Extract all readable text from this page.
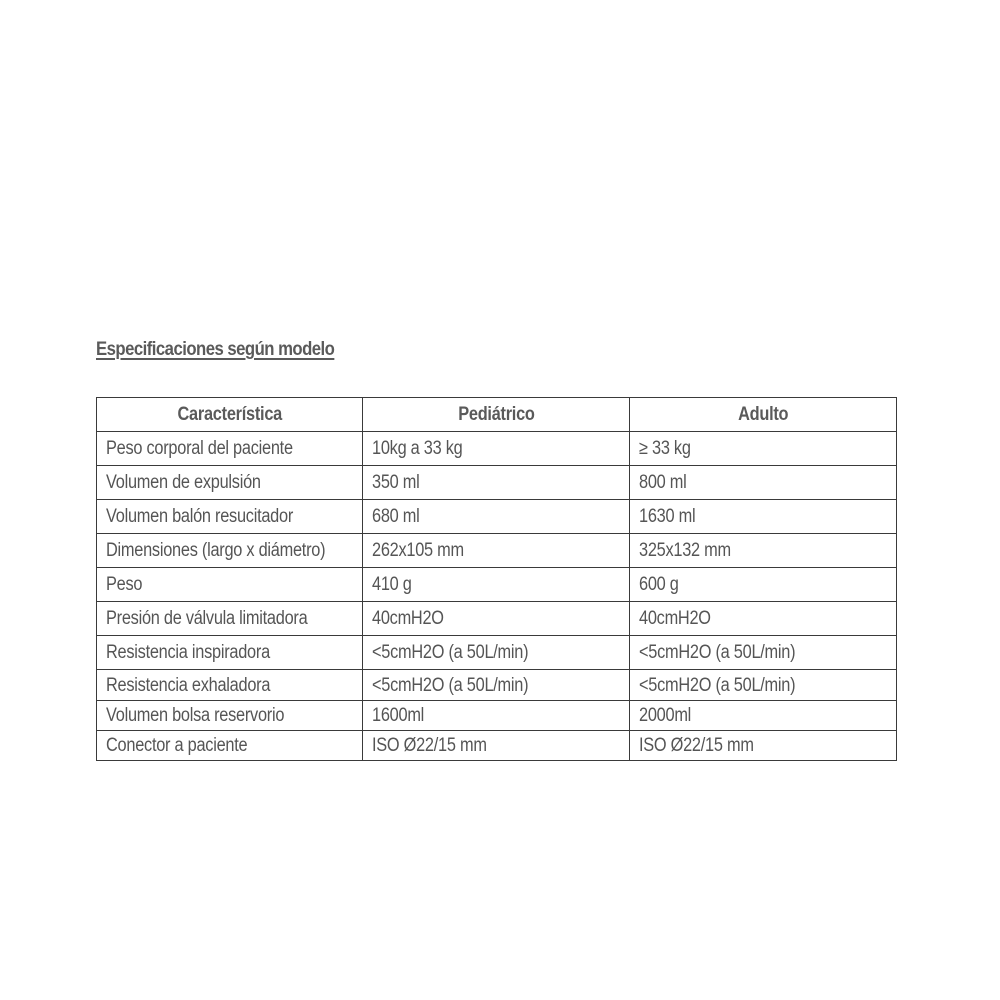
Especificaciones según modelo
Característica	Pediátrico	Adulto
Peso corporal del paciente	10kg a 33 kg	≥ 33 kg
Volumen de expulsión	350 ml	800 ml
Volumen balón resucitador	680 ml	1630 ml
Dimensiones (largo x diámetro)	262x105 mm	325x132 mm
Peso	410 g	600 g
Presión de válvula limitadora	40cmH2O	40cmH2O
Resistencia inspiradora	<5cmH2O (a 50L/min)	<5cmH2O (a 50L/min)
Resistencia exhaladora	<5cmH2O (a 50L/min)	<5cmH2O (a 50L/min)
Volumen bolsa reservorio	1600ml	2000ml
Conector a paciente	ISO Ø22/15 mm	ISO Ø22/15 mm
